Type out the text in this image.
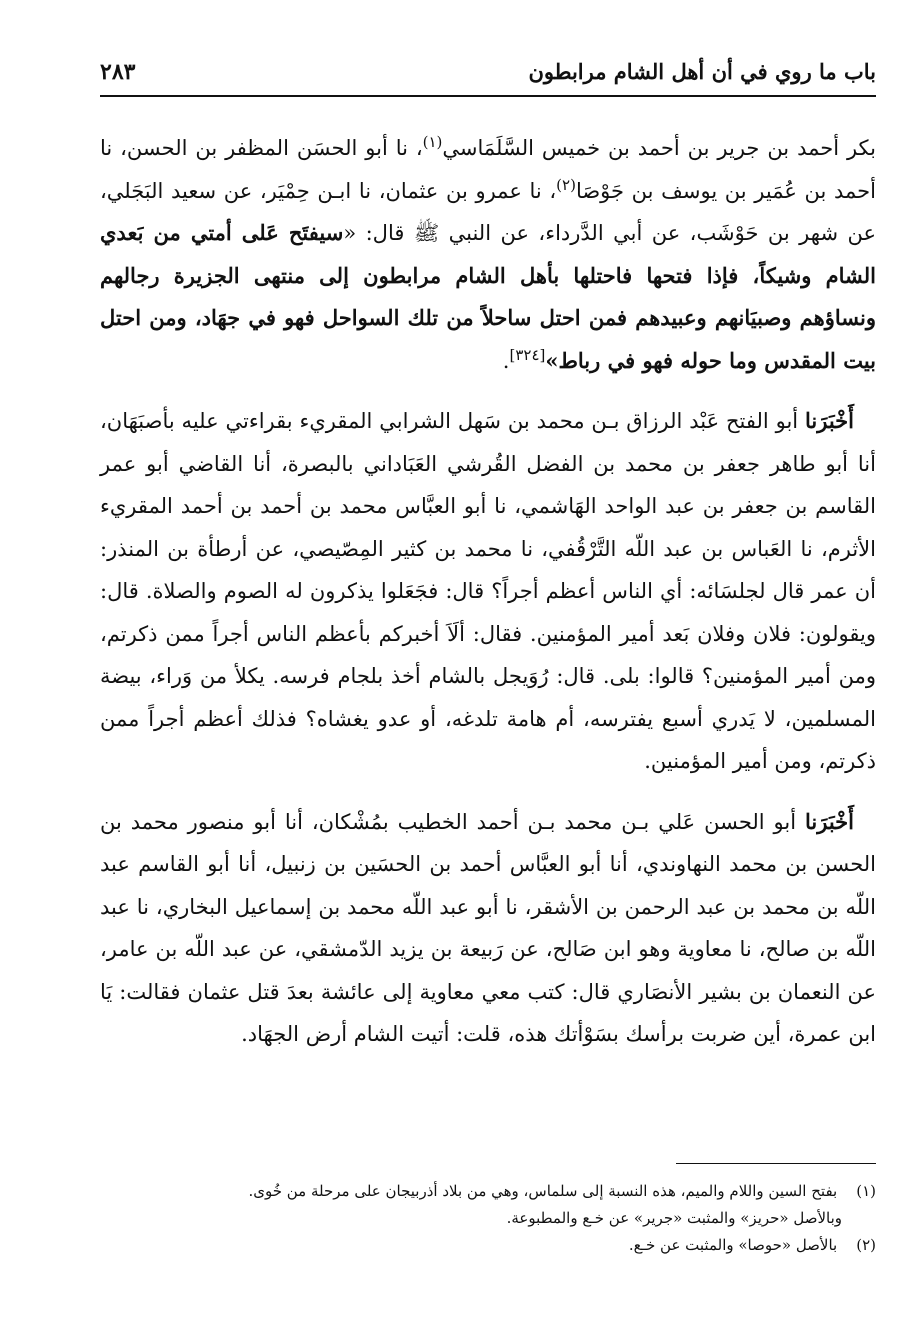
باب ما روي في أن أهل الشام مرابطون
٢٨٣

بكر أحمد بن جرير بن أحمد بن خميس السَّلَمَاسي$^{(١)}$، نا أبو الحسَن المظفر بن الحسن، نا أحمد بن عُمَير بن يوسف بن جَوْصَا$^{(٢)}$، نا عمرو بن عثمان، نا ابـن حِمْيَر، عن سعيد البَجَلي، عن شهر بن حَوْشَب، عن أبي الدَّرداء، عن النبي ﷺ قال: «سيفتَح عَلى أمتي من بَعدي الشام وشيكاً، فإذا فتحها فاحتلها بأهل الشام مرابطون إلى منتهى الجزيرة رجالهم ونساؤهم وصبيَانهم وعبيدهم فمن احتل ساحلاً من تلك السواحل فهو في جهَاد، ومن احتل بيت المقدس وما حوله فهو في رباط»[٣٢٤].

أَخْبَرَنا أبو الفتح عَبْد الرزاق بـن محمد بن سَهل الشرابي المقريء بقراءتي عليه بأصبَهَان، أنا أبو طاهر جعفر بن محمد بن الفضل القُرشي العَبَاداني بالبصرة، أنا القاضي أبو عمر القاسم بن جعفر بن عبد الواحد الهَاشمي، نا أبو العبَّاس محمد بن أحمد بن أحمد المقريء الأثرم، نا العَباس بن عبد اللّه التَّرْقُفي، نا محمد بن كثير المِصّيصي، عن أرطأة بن المنذر: أن عمر قال لجلسَائه: أي الناس أعظم أجراً؟ قال: فجَعَلوا يذكرون له الصوم والصلاة. قال: ويقولون: فلان وفلان بَعد أمير المؤمنين. فقال: ألَاَ أخبركم بأعظم الناس أجراً ممن ذكرتم، ومن أمير المؤمنين؟ قالوا: بلى. قال: رُوَيجل بالشام أخذ بلجام فرسه. يكلأ من وَراء، بيضة المسلمين، لا يَدري أسبع يفترسه، أم هامة تلدغه، أو عدو يغشاه؟ فذلك أعظم أجراً ممن ذكرتم، ومن أمير المؤمنين.

أَخْبَرَنا أبو الحسن عَلي بـن محمد بـن أحمد الخطيب بمُشْكان، أنا أبو منصور محمد بن الحسن بن محمد النهاوندي، أنا أبو العبَّاس أحمد بن الحسَين بن زنبيل، أنا أبو القاسم عبد اللّه بن محمد بن عبد الرحمن بن الأشقر، نا أبو عبد اللّه محمد بن إسماعيل البخاري، نا عبد اللّه بن صالح، نا معاوية وهو ابن صَالح، عن رَبيعة بن يزيد الدّمشقي، عن عبد اللّه بن عامر، عن النعمان بن بشير الأنصَاري قال: كتب معي معاوية إلى عائشة بعدَ قتل عثمان فقالت: يَا ابن عمرة، أين ضربت برأسك بسَوْأتك هذه، قلت: أتيت الشام أرض الجهَاد.

(١) بفتح السين واللام والميم، هذه النسبة إلى سلماس، وهي من بلاد أذربيجان على مرحلة من خُوى.

وبالأصل «حريز» والمثبت «جرير» عن خـع والمطبوعة.

(٢) بالأصل «حوصا» والمثبت عن خـع.
